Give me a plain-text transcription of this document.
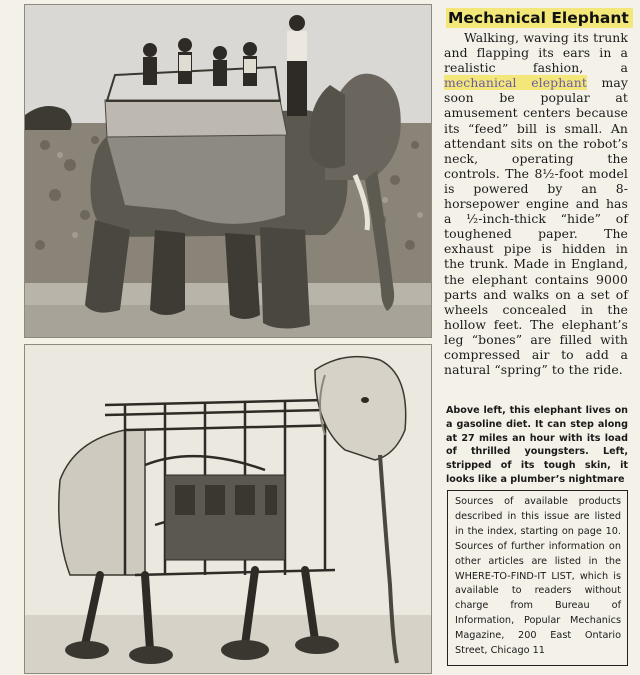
Mechanical Elephant

Walking, waving its trunk and flapping its ears in a realistic fashion, a mechanical elephant may soon be popular at amusement centers because its “feed” bill is small. An attendant sits on the robot’s neck, operating the controls. The 8½-foot model is powered by an 8-horsepower engine and has a ½-inch-thick “hide” of toughened paper. The exhaust pipe is hidden in the trunk. Made in England, the elephant contains 9000 parts and walks on a set of wheels concealed in the hollow feet. The elephant’s leg “bones” are filled with compressed air to add a natural “spring” to the ride.

Above left, this elephant lives on a gasoline diet. It can step along at 27 miles an hour with its load of thrilled youngsters. Left, stripped of its tough skin, it looks like a plumber’s nightmare

Sources of available products described in this issue are listed in the index, starting on page 10. Sources of further information on other articles are listed in the WHERE-TO-FIND-IT LIST, which is available to readers without charge from Bureau of Information, Popular Mechanics Magazine, 200 East Ontario Street, Chicago 11
